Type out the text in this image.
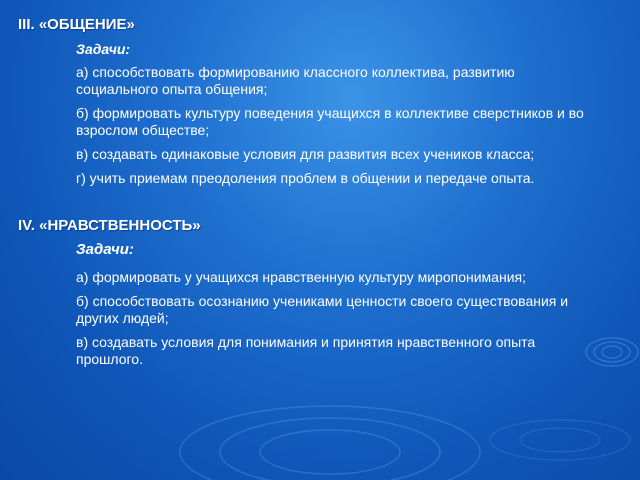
III. «ОБЩЕНИЕ»
Задачи:
а) способствовать формированию классного коллектива, развитию социального опыта общения;
б) формировать культуру поведения учащихся в коллективе сверстников и во взрослом обществе;
в) создавать одинаковые условия для развития всех учеников класса;
г) учить приемам преодоления проблем в общении и передаче опыта.
IV. «НРАВСТВЕННОСТЬ»
Задачи:
а) формировать у учащихся нравственную культуру миропонимания;
б) способствовать осознанию учениками ценности своего существования и других людей;
в) создавать условия для понимания и принятия нравственного опыта прошлого.
